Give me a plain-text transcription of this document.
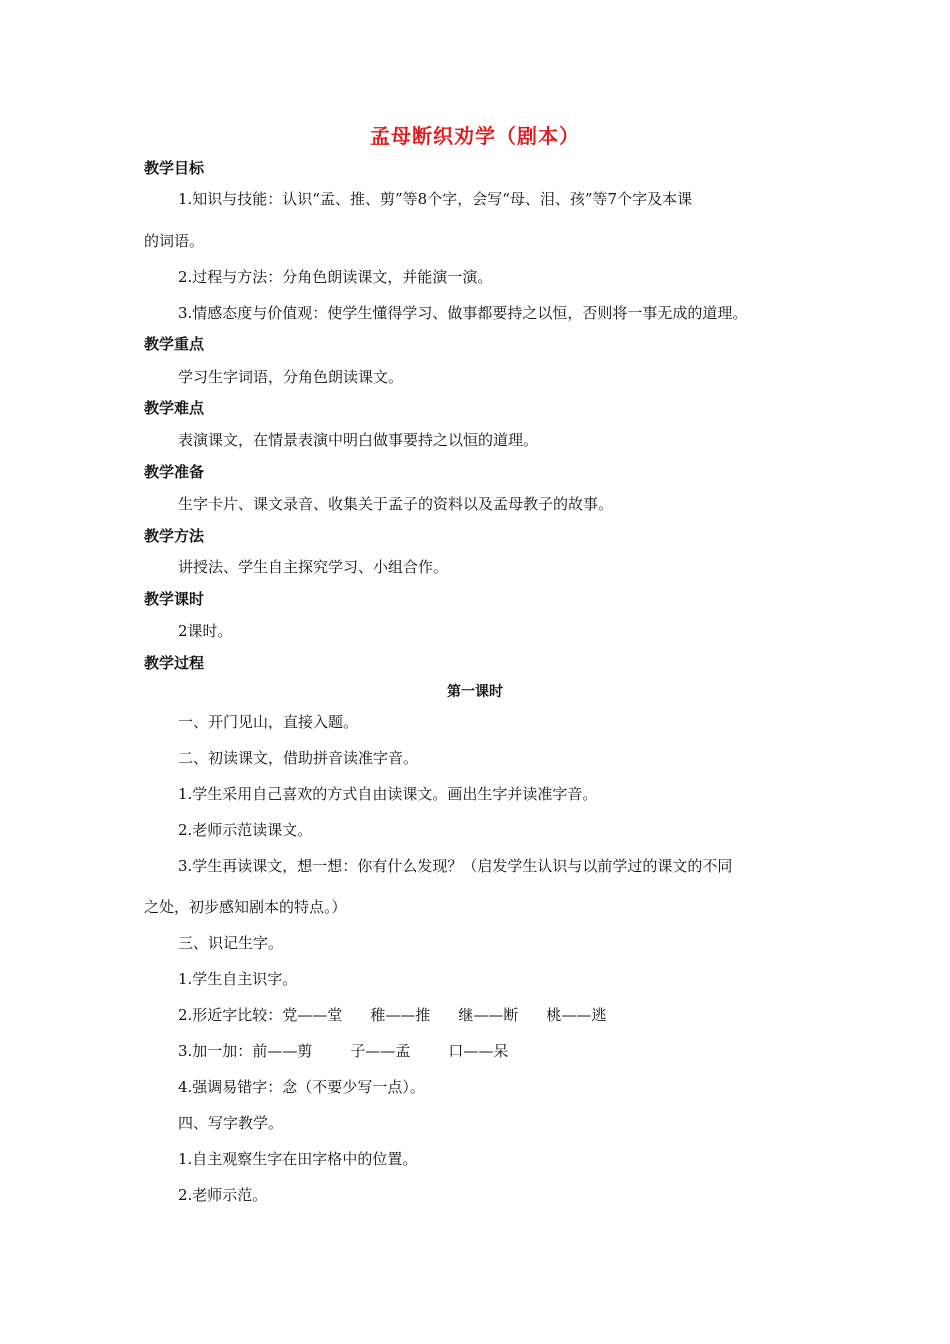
孟母断织劝学（剧本）
教学目标
1.知识与技能：认识“孟、推、剪”等8个字，会写“母、泪、孩”等7个字及本课
的词语。
2.过程与方法：分角色朗读课文，并能演一演。
3.情感态度与价值观：使学生懂得学习、做事都要持之以恒，否则将一事无成的道理。
教学重点
学习生字词语，分角色朗读课文。
教学难点
表演课文，在情景表演中明白做事要持之以恒的道理。
教学准备
生字卡片、课文录音、收集关于孟子的资料以及孟母教子的故事。
教学方法
讲授法、学生自主探究学习、小组合作。
教学课时
2课时。
教学过程
第一课时
一、开门见山，直接入题。
二、初读课文，借助拼音读准字音。
1.学生采用自己喜欢的方式自由读课文。画出生字并读准字音。
2.老师示范读课文。
3.学生再读课文，想一想：你有什么发现？（启发学生认识与以前学过的课文的不同
之处，初步感知剧本的特点。）
三、识记生字。
1.学生自主识字。
2.形近字比较：党——堂 稚——推 继——断 桃——逃
3.加一加：前——剪	子——孟	口——呆
4.强调易错字：念（不要少写一点）。
四、写字教学。
1.自主观察生字在田字格中的位置。
2.老师示范。
